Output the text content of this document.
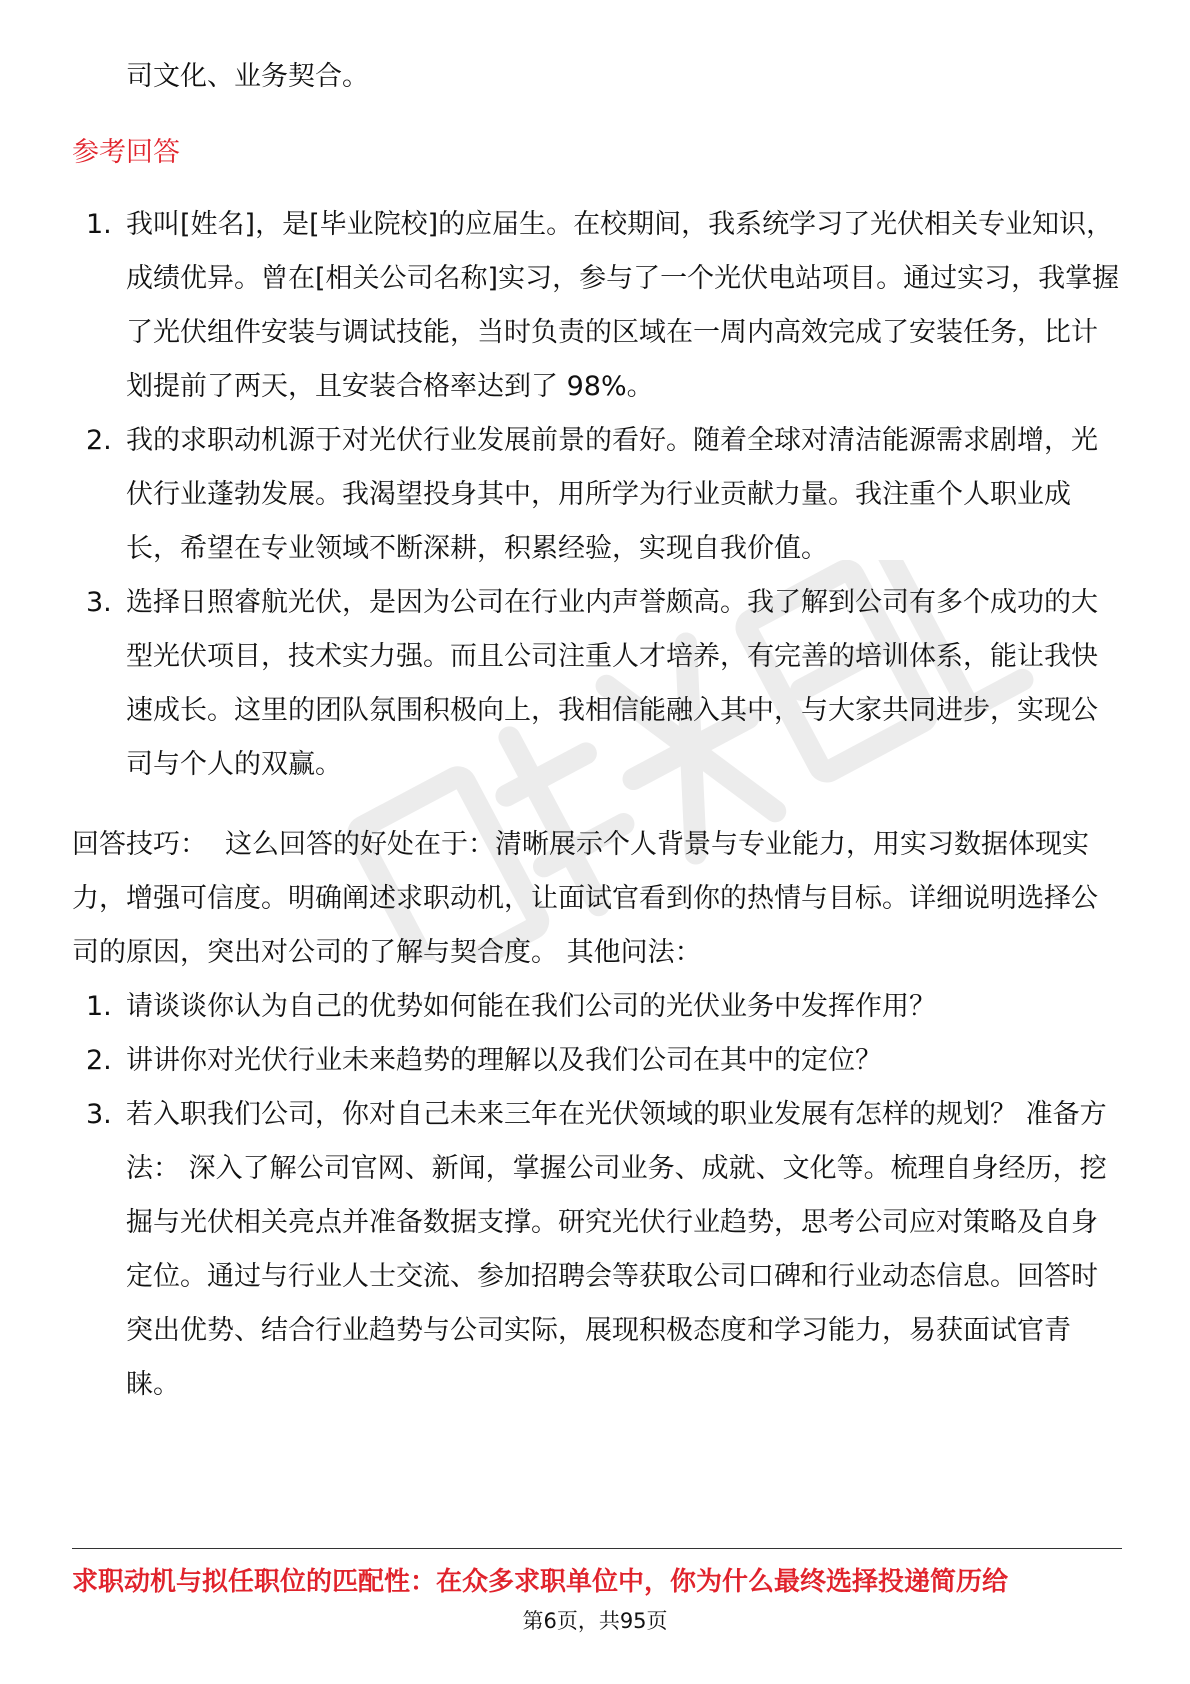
司文化、业务契合。

参考回答
1. 我叫[姓名]，是[毕业院校]的应届生。在校期间，我系统学习了光伏相关专业知识，成绩优异。曾在[相关公司名称]实习，参与了一个光伏电站项目。通过实习，我掌握了光伏组件安装与调试技能，当时负责的区域在一周内高效完成了安装任务，比计划提前了两天，且安装合格率达到了 98%。
2. 我的求职动机源于对光伏行业发展前景的看好。随着全球对清洁能源需求剧增，光伏行业蓬勃发展。我渴望投身其中，用所学为行业贡献力量。我注重个人职业成长，希望在专业领域不断深耕，积累经验，实现自我价值。
3. 选择日照睿航光伏，是因为公司在行业内声誉颇高。我了解到公司有多个成功的大型光伏项目，技术实力强。而且公司注重人才培养，有完善的培训体系，能让我快速成长。这里的团队氛围积极向上，我相信能融入其中，与大家共同进步，实现公司与个人的双赢。
回答技巧： 这么回答的好处在于：清晰展示个人背景与专业能力，用实习数据体现实力，增强可信度。明确阐述求职动机，让面试官看到你的热情与目标。详细说明选择公司的原因，突出对公司的了解与契合度。 其他问法：
1. 请谈谈你认为自己的优势如何能在我们公司的光伏业务中发挥作用？
2. 讲讲你对光伏行业未来趋势的理解以及我们公司在其中的定位？
3. 若入职我们公司，你对自己未来三年在光伏领域的职业发展有怎样的规划？ 准备方法： 深入了解公司官网、新闻，掌握公司业务、成就、文化等。梳理自身经历，挖掘与光伏相关亮点并准备数据支撑。研究光伏行业趋势，思考公司应对策略及自身定位。通过与行业人士交流、参加招聘会等获取公司口碑和行业动态信息。回答时突出优势、结合行业趋势与公司实际，展现积极态度和学习能力，易获面试官青睐。
求职动机与拟任职位的匹配性：在众多求职单位中，你为什么最终选择投递简历给
第6页，共95页
